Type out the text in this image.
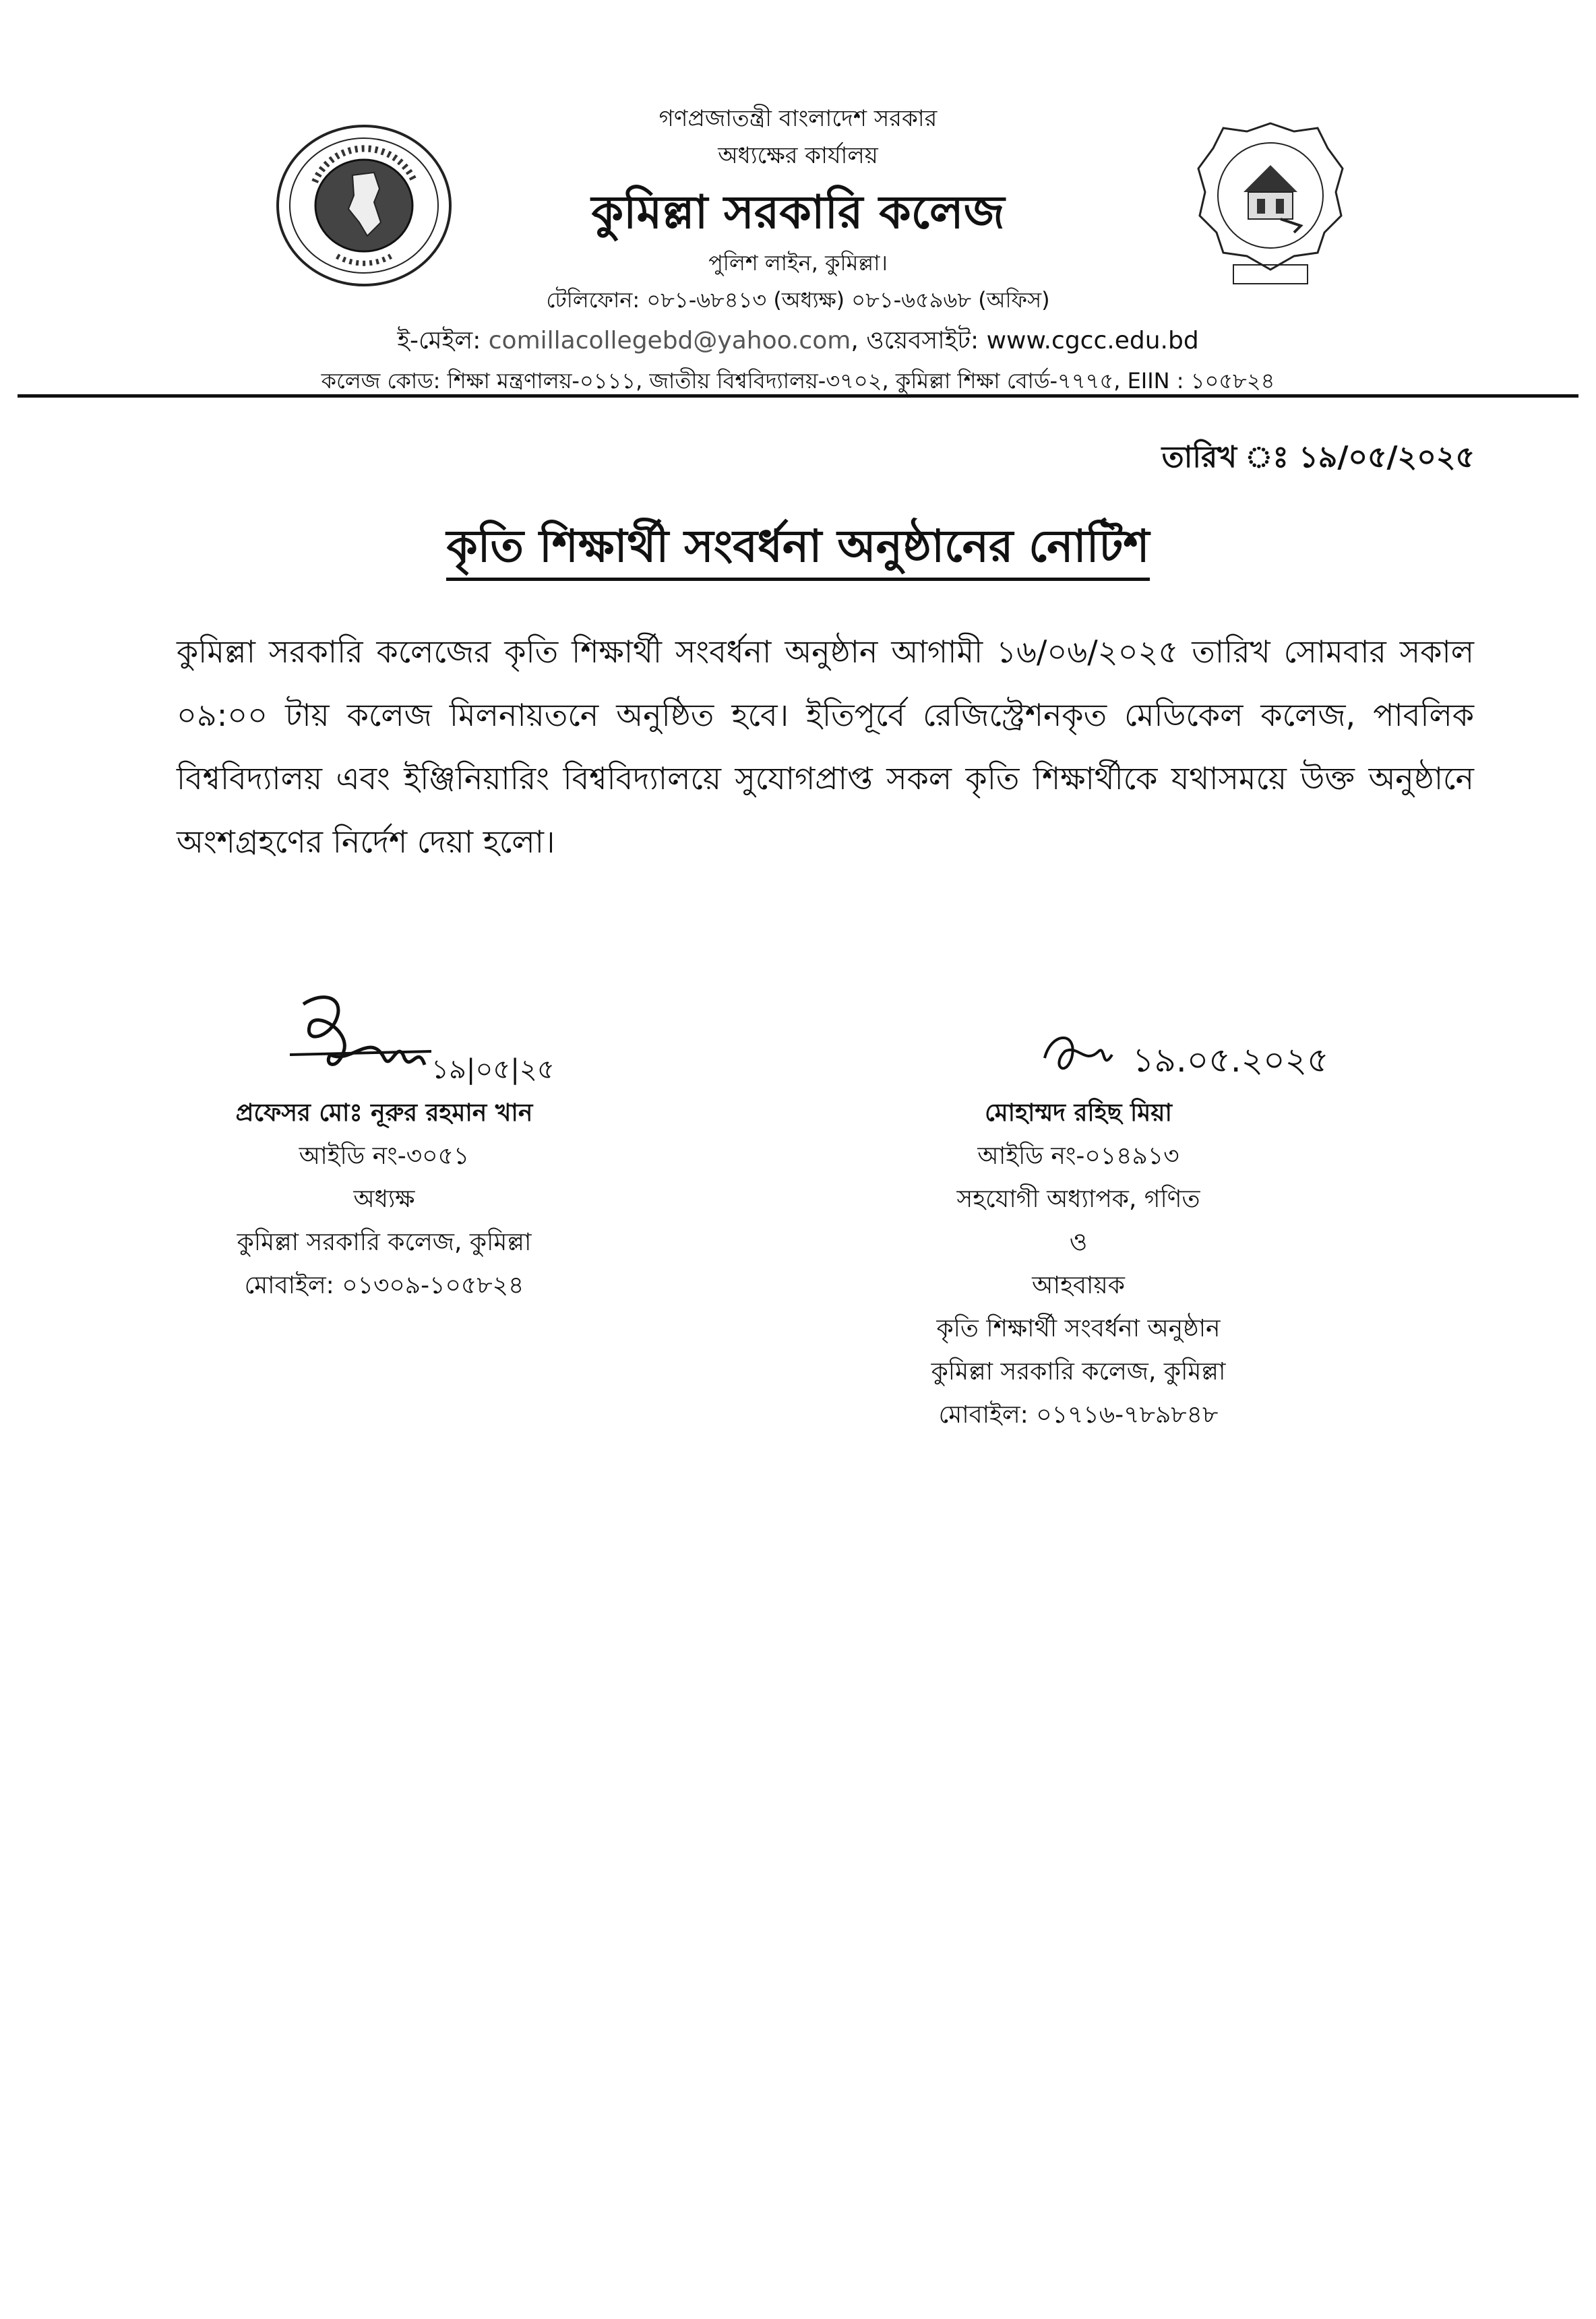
গণপ্রজাতন্ত্রী বাংলাদেশ সরকার
অধ্যক্ষের কার্যালয়
কুমিল্লা সরকারি কলেজ
পুলিশ লাইন, কুমিল্লা।
টেলিফোন: ০৮১-৬৮৪১৩ (অধ্যক্ষ) ০৮১-৬৫৯৬৮ (অফিস)
ই-মেইল: comillacollegebd@yahoo.com, ওয়েবসাইট: www.cgcc.edu.bd
কলেজ কোড: শিক্ষা মন্ত্রণালয়-০১১১, জাতীয় বিশ্ববিদ্যালয়-৩৭০২, কুমিল্লা শিক্ষা বোর্ড-৭৭৭৫, EIIN : ১০৫৮২৪
তারিখ ঃ ১৯/০৫/২০২৫
কৃতি শিক্ষার্থী সংবর্ধনা অনুষ্ঠানের নোটিশ
কুমিল্লা সরকারি কলেজের কৃতি শিক্ষার্থী সংবর্ধনা অনুষ্ঠান আগামী ১৬/০৬/২০২৫ তারিখ সোমবার সকাল ০৯:০০ টায় কলেজ মিলনায়তনে অনুষ্ঠিত হবে। ইতিপূর্বে রেজিস্ট্রেশনকৃত মেডিকেল কলেজ, পাবলিক বিশ্ববিদ্যালয় এবং ইঞ্জিনিয়ারিং বিশ্ববিদ্যালয়ে সুযোগপ্রাপ্ত সকল কৃতি শিক্ষার্থীকে যথাসময়ে উক্ত অনুষ্ঠানে অংশগ্রহণের নির্দেশ দেয়া হলো।
১৯|০৫|২৫
প্রফেসর মোঃ নূরুর রহমান খান
আইডি নং-৩০৫১
অধ্যক্ষ
কুমিল্লা সরকারি কলেজ, কুমিল্লা
মোবাইল: ০১৩০৯-১০৫৮২৪
১৯.০৫.২০২৫
মোহাম্মদ রহিছ মিয়া
আইডি নং-০১৪৯১৩
সহযোগী অধ্যাপক, গণিত
ও
আহবায়ক
কৃতি শিক্ষার্থী সংবর্ধনা অনুষ্ঠান
কুমিল্লা সরকারি কলেজ, কুমিল্লা
মোবাইল: ০১৭১৬-৭৮৯৮৪৮
